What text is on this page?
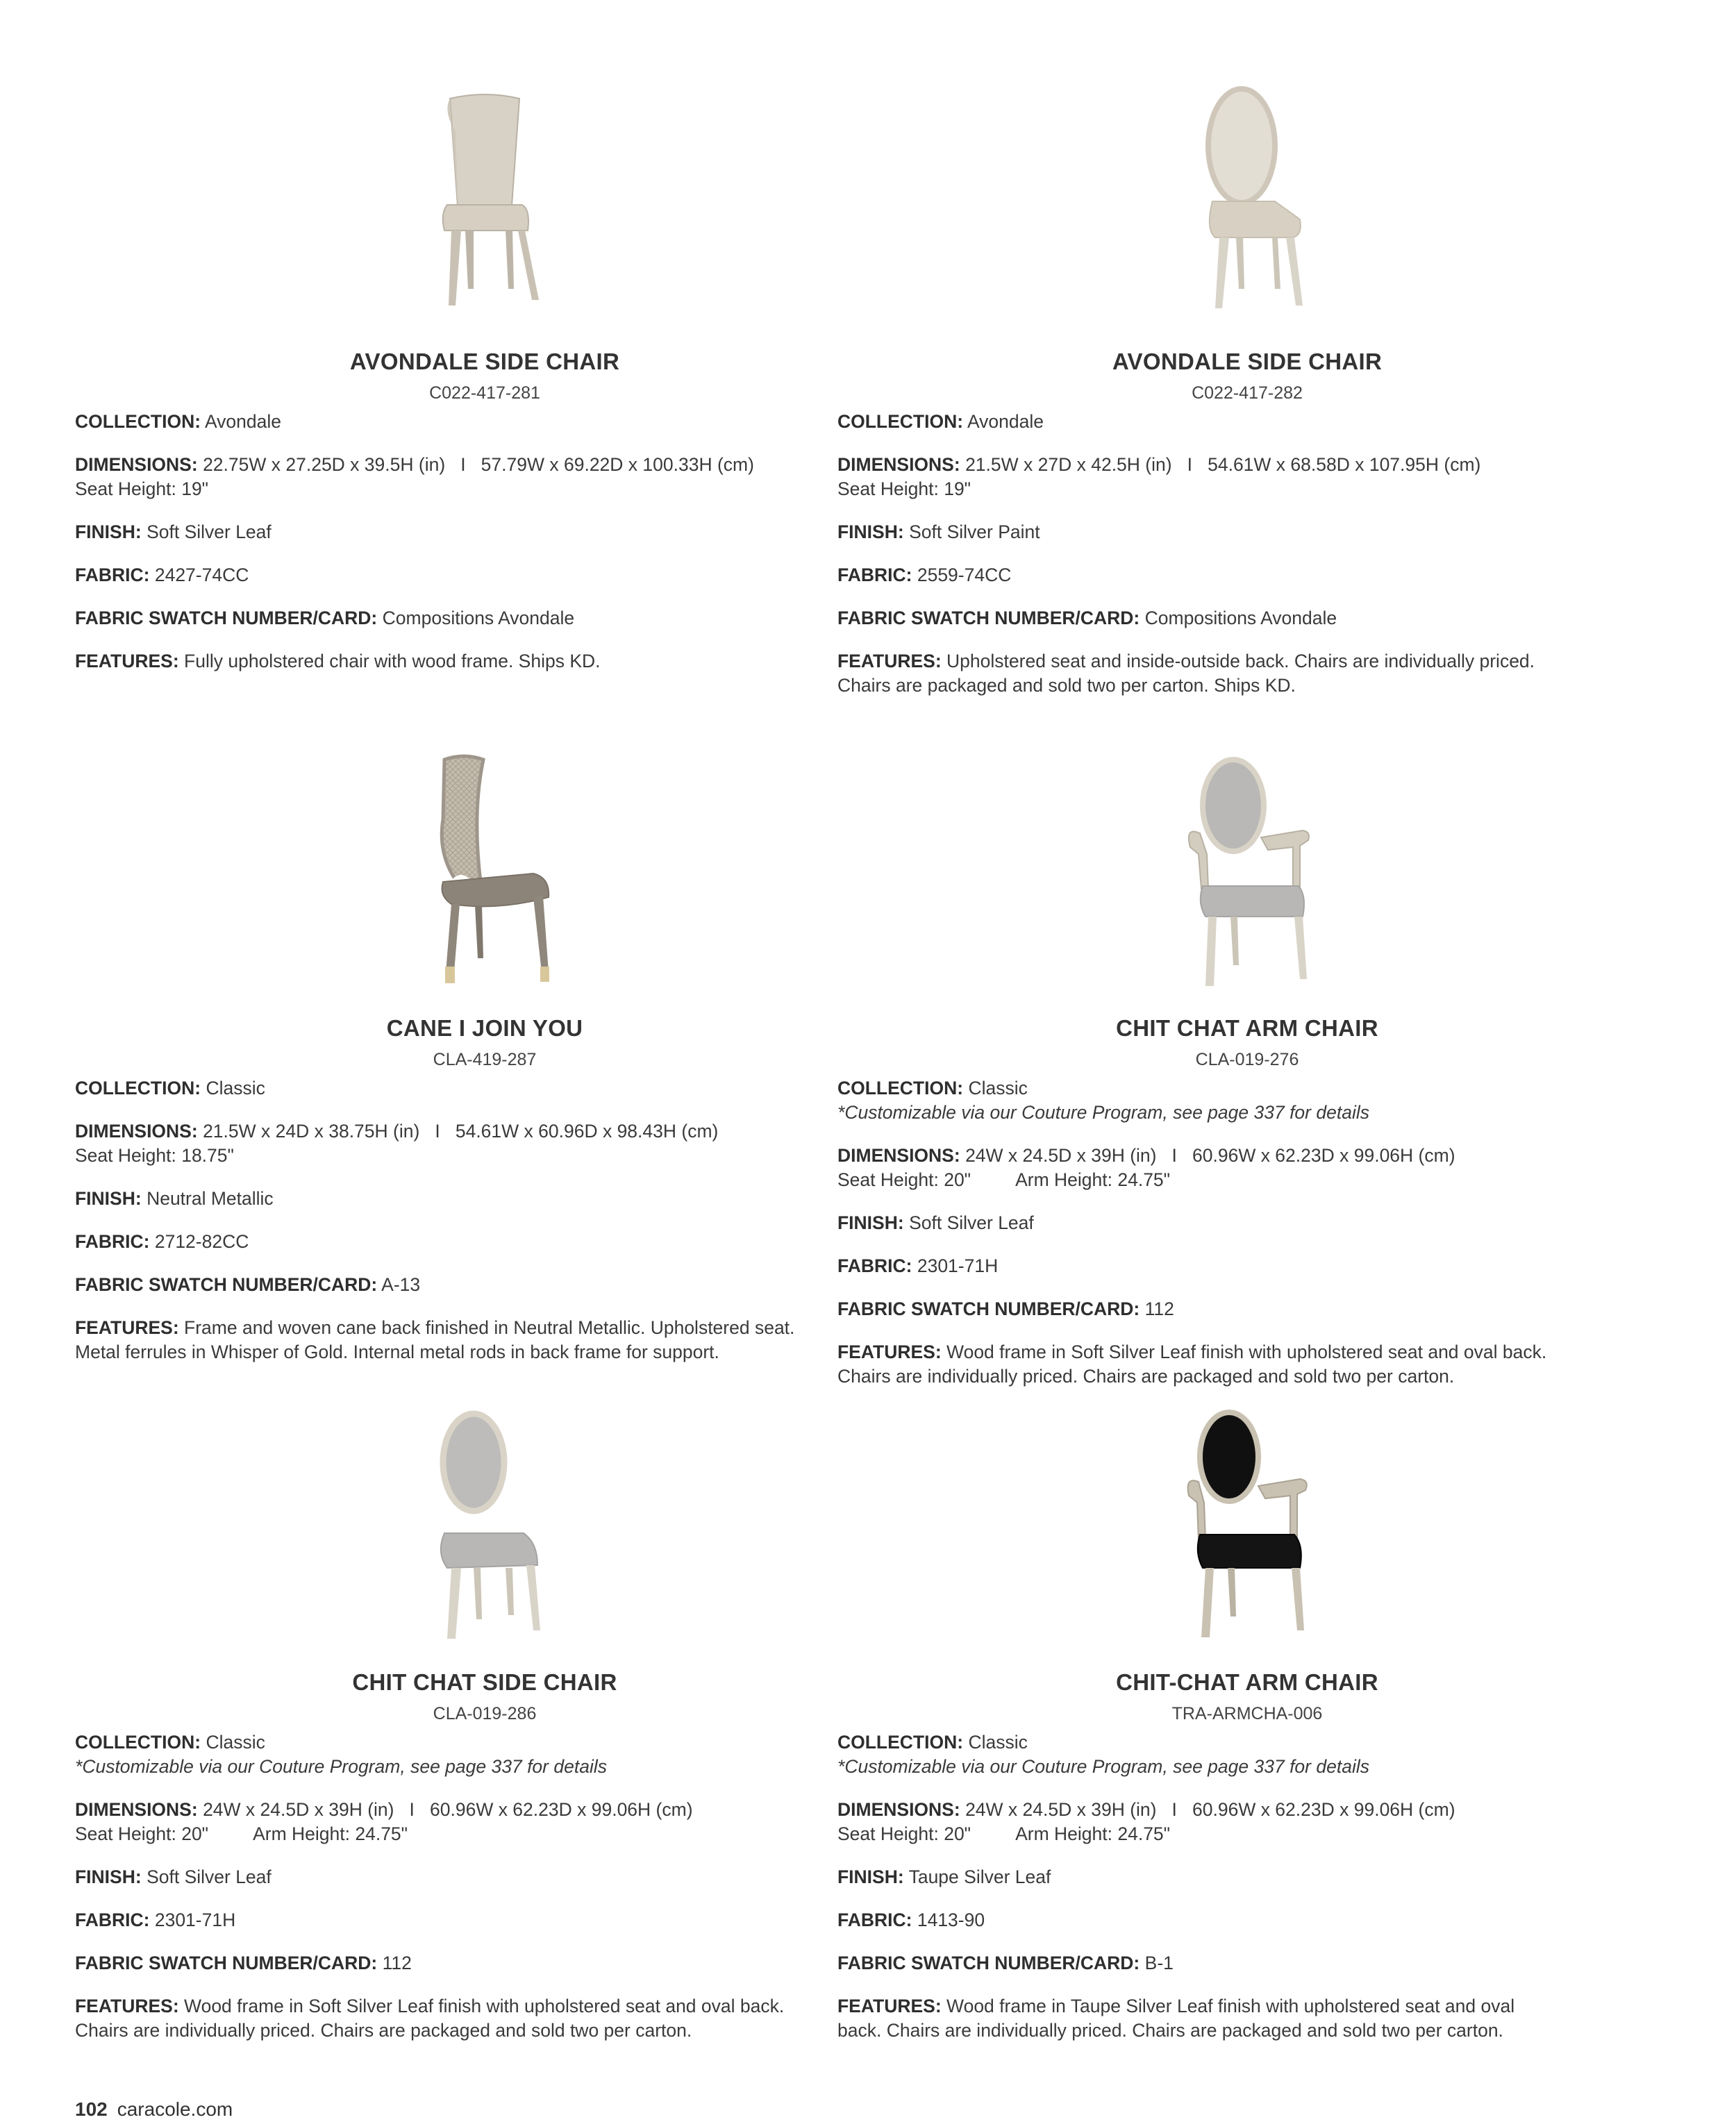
AVONDALE SIDE CHAIR
C022-417-281
COLLECTION: Avondale
DIMENSIONS: 22.75W x 27.25D x 39.5H (in)   I   57.79W x 69.22D x 100.33H (cm)
Seat Height: 19"
FINISH: Soft Silver Leaf
FABRIC: 2427-74CC
FABRIC SWATCH NUMBER/CARD: Compositions Avondale
FEATURES: Fully upholstered chair with wood frame. Ships KD.
AVONDALE SIDE CHAIR
C022-417-282
COLLECTION: Avondale
DIMENSIONS: 21.5W x 27D x 42.5H (in)   I   54.61W x 68.58D x 107.95H (cm)
Seat Height: 19"
FINISH: Soft Silver Paint
FABRIC: 2559-74CC
FABRIC SWATCH NUMBER/CARD: Compositions Avondale
FEATURES: Upholstered seat and inside-outside back. Chairs are individually priced. Chairs are packaged and sold two per carton. Ships KD.
CANE I JOIN YOU
CLA-419-287
COLLECTION: Classic
DIMENSIONS: 21.5W x 24D x 38.75H (in)   I   54.61W x 60.96D x 98.43H (cm)
Seat Height: 18.75"
FINISH: Neutral Metallic
FABRIC: 2712-82CC
FABRIC SWATCH NUMBER/CARD: A-13
FEATURES: Frame and woven cane back finished in Neutral Metallic. Upholstered seat. Metal ferrules in Whisper of Gold. Internal metal rods in back frame for support.
CHIT CHAT ARM CHAIR
CLA-019-276
COLLECTION: Classic
*Customizable via our Couture Program, see page 337 for details
DIMENSIONS: 24W x 24.5D x 39H (in)   I   60.96W x 62.23D x 99.06H (cm)
Seat Height: 20" Arm Height: 24.75"
FINISH: Soft Silver Leaf
FABRIC: 2301-71H
FABRIC SWATCH NUMBER/CARD: 112
FEATURES: Wood frame in Soft Silver Leaf finish with upholstered seat and oval back. Chairs are individually priced. Chairs are packaged and sold two per carton.
CHIT CHAT SIDE CHAIR
CLA-019-286
COLLECTION: Classic
*Customizable via our Couture Program, see page 337 for details
DIMENSIONS: 24W x 24.5D x 39H (in)   I   60.96W x 62.23D x 99.06H (cm)
Seat Height: 20" Arm Height: 24.75"
FINISH: Soft Silver Leaf
FABRIC: 2301-71H
FABRIC SWATCH NUMBER/CARD: 112
FEATURES: Wood frame in Soft Silver Leaf finish with upholstered seat and oval back. Chairs are individually priced. Chairs are packaged and sold two per carton.
CHIT-CHAT ARM CHAIR
TRA-ARMCHA-006
COLLECTION: Classic
*Customizable via our Couture Program, see page 337 for details
DIMENSIONS: 24W x 24.5D x 39H (in)   I   60.96W x 62.23D x 99.06H (cm)
Seat Height: 20" Arm Height: 24.75"
FINISH: Taupe Silver Leaf
FABRIC: 1413-90
FABRIC SWATCH NUMBER/CARD: B-1
FEATURES: Wood frame in Taupe Silver Leaf finish with upholstered seat and oval back. Chairs are individually priced. Chairs are packaged and sold two per carton.
102 caracole.com
